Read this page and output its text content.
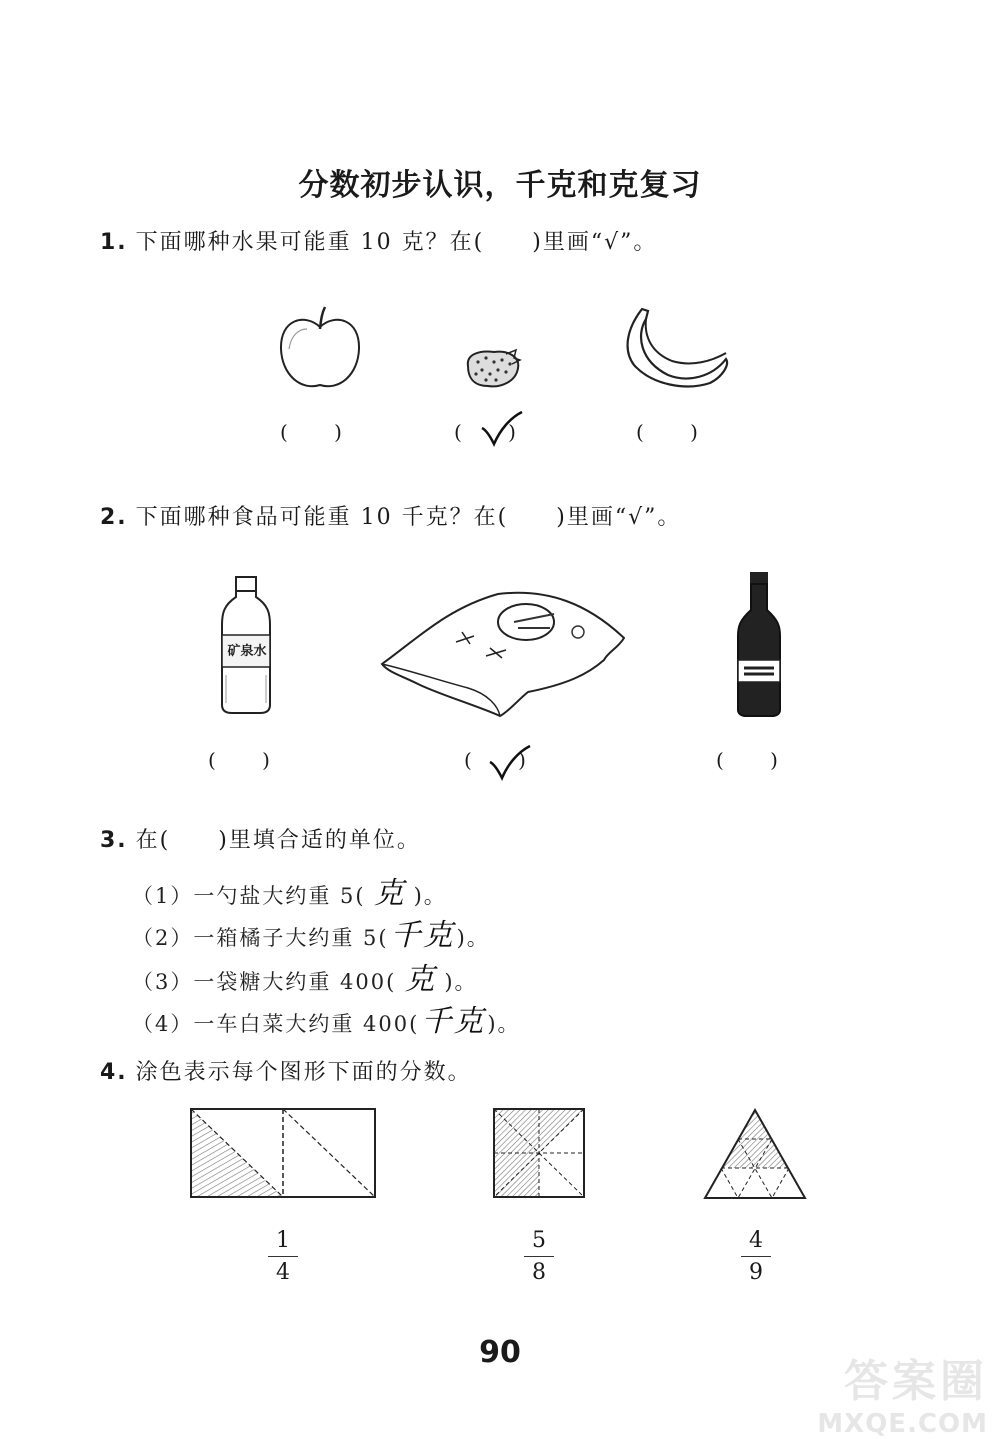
分数初步认识，千克和克复习
1. 下面哪种水果可能重 10 克？在(　　)里画“√”。
(　　 )	(　　 )	(　　 )
2. 下面哪种食品可能重 10 千克？在(　　)里画“√”。
矿泉水
(　　 )	(　　 )	(　　 )
3. 在(　　)里填合适的单位。
（1）一勺盐大约重 5( 克 )。
（2）一箱橘子大约重 5(千克)。
（3）一袋糖大约重 400( 克 )。
（4）一车白菜大约重 400(千克)。
4. 涂色表示每个图形下面的分数。
1
4
5
8
4
9
90
答案圈
MXQE.COM
